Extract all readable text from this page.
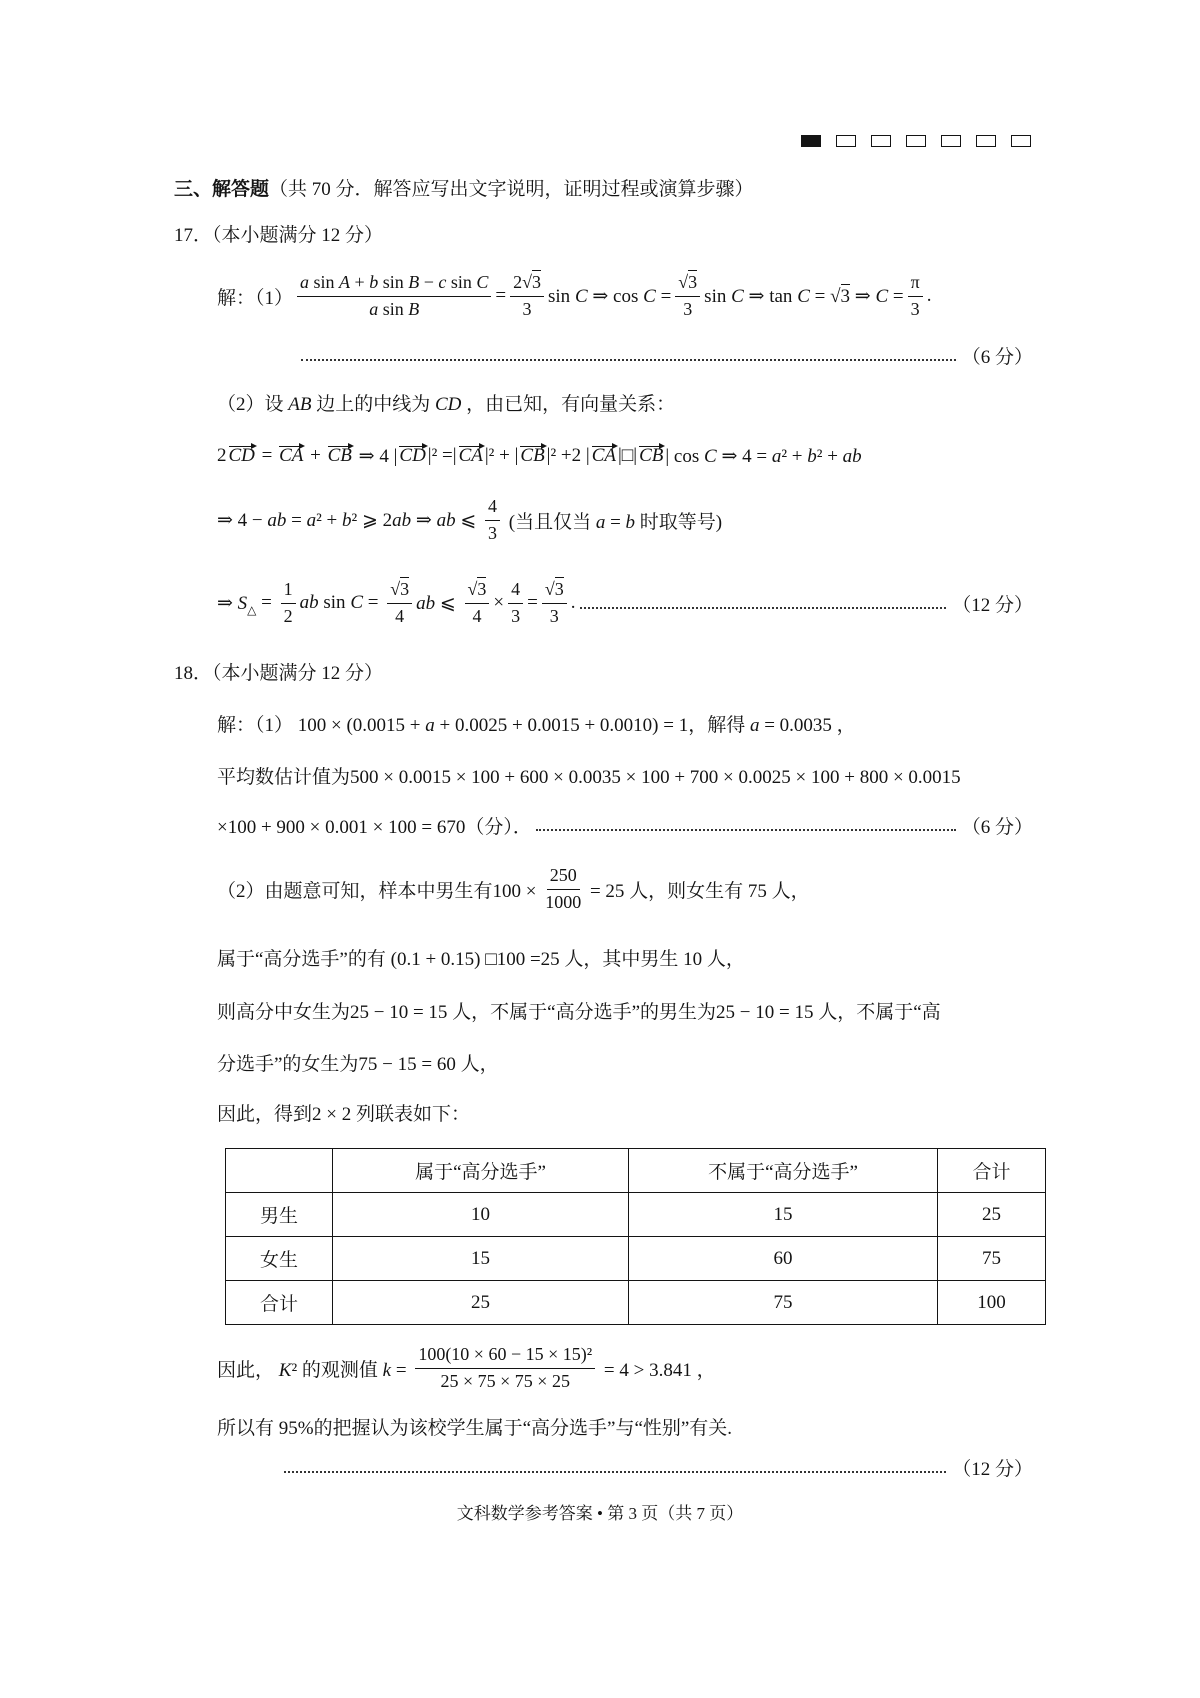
三、解答题 （共 70 分．解答应写出文字说明，证明过程或演算步骤）
17．（本小题满分 12 分）
解：$(1) \frac{\text{a sin A + b sin B − c sin C}}{\text{a sin B}} = \frac{2√3}{3}$ sin C ⇒ $\cos C = \frac{√3}{3}$ sin C ⇒ tan C = √3 ⇒ $C = \frac{\pi}{3}$ .
（6 分）
（2）设 AB 边上的中线为 CD ，由已知，有向量关系：
2 CD = CA + CB ⇒ 4 | CD |² =| CA |² + | CB |² +2 | CA |□| CB | cos C ⇒ 4 = a² + b² + ab
⇒ 4 − ab = a² + b² ⩾ 2ab ⇒ ab ⩽ $\frac{4}{3}$ (当且仅当 a = b 时取等号)
⇒ S △ = $\frac{1}{2}$ ab $\sin C = \frac{√3}{4}$ ab ⩽ $\frac{√3}{4} \times \frac{4}{3} = \frac{√3}{3}$ .	（12 分）
18．（本小题满分 12 分）
解：（1） 100 × (0.0015 + a + 0.0025 + 0.0015 + 0.0010) = 1，解得 a = 0.0035 ，
平均数估计值为500 × 0.0015 × 100 + 600 × 0.0035 × 100 + 700 × 0.0025 × 100 + 800 × 0.0015
×100 + 900 × 0.001 × 100 = 670（分）．	（6 分）
（2）由题意可知，样本中男生有$100 \times \frac{250}{1000} = 25$ 人，则女生有 75 人，
属于“高分选手”的有 (0.1 + 0.15) □100 =25 人，其中男生 10 人，
则高分中女生为25 − 10 = 15 人，不属于“高分选手”的男生为25 − 10 = 15 人，不属于“高
分选手”的女生为75 − 15 = 60 人，
因此，得到2 × 2 列联表如下：
	属于“高分选手”	不属于“高分选手”	合计
男生	10	15	25
女生	15	60	75
合计	25	75	100
因此， K² 的观测值 $k = \frac{\text{100(10 × 60 − 15 × 15)²}}{25 \times 75 \times 75 \times 25} = 4 > 3.841$ ，
所以有 95%的把握认为该校学生属于“高分选手”与“性别”有关.
（12 分）
文科数学参考答案 • 第 3 页（共 7 页）
